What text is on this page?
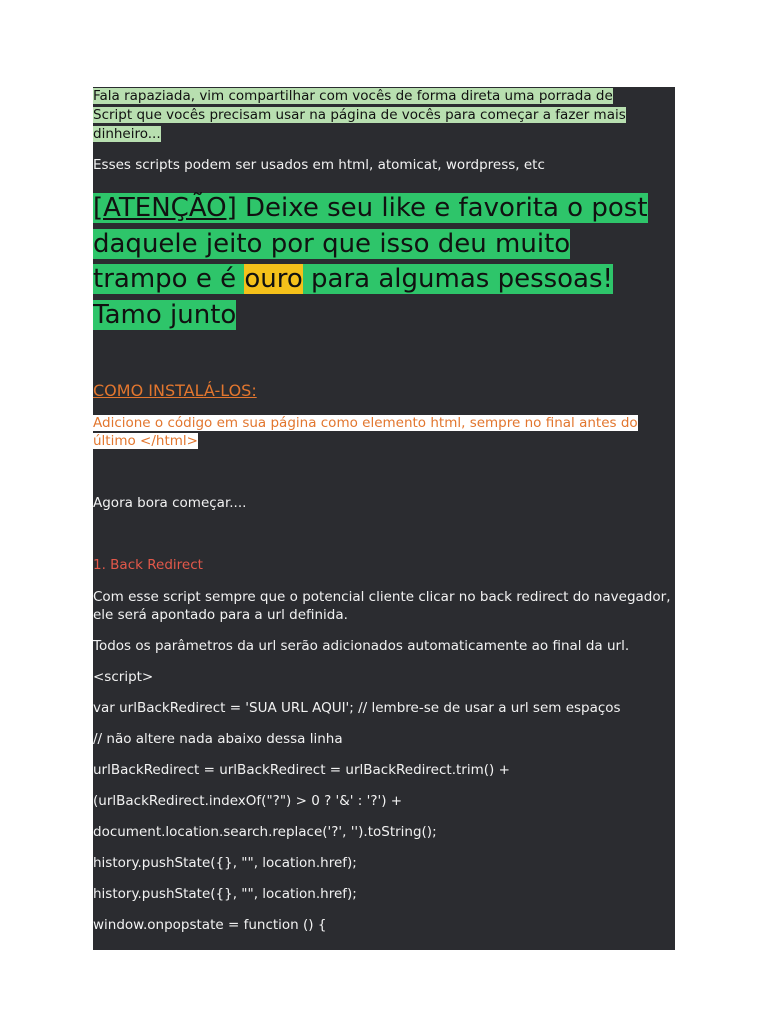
Fala rapaziada, vim compartilhar com vocês de forma direta uma porrada de
Script que vocês precisam usar na página de vocês para começar a fazer mais
dinheiro...

Esses scripts podem ser usados em html, atomicat, wordpress, etc

[ATENÇÃO] Deixe seu like e favorita o post
daquele jeito por que isso deu muito
trampo e é ouro para algumas pessoas!
Tamo junto

COMO INSTALÁ-LOS:

Adicione o código em sua página como elemento html, sempre no final antes do
último </html>

Agora bora começar....

1. Back Redirect

Com esse script sempre que o potencial cliente clicar no back redirect do navegador,
ele será apontado para a url definida.

Todos os parâmetros da url serão adicionados automaticamente ao final da url.

<script>

var urlBackRedirect = 'SUA URL AQUI'; // lembre-se de usar a url sem espaços

// não altere nada abaixo dessa linha

urlBackRedirect = urlBackRedirect = urlBackRedirect.trim() +

(urlBackRedirect.indexOf("?") > 0 ? '&' : '?') +

document.location.search.replace('?', '').toString();

history.pushState({}, "", location.href);

history.pushState({}, "", location.href);

window.onpopstate = function () {
